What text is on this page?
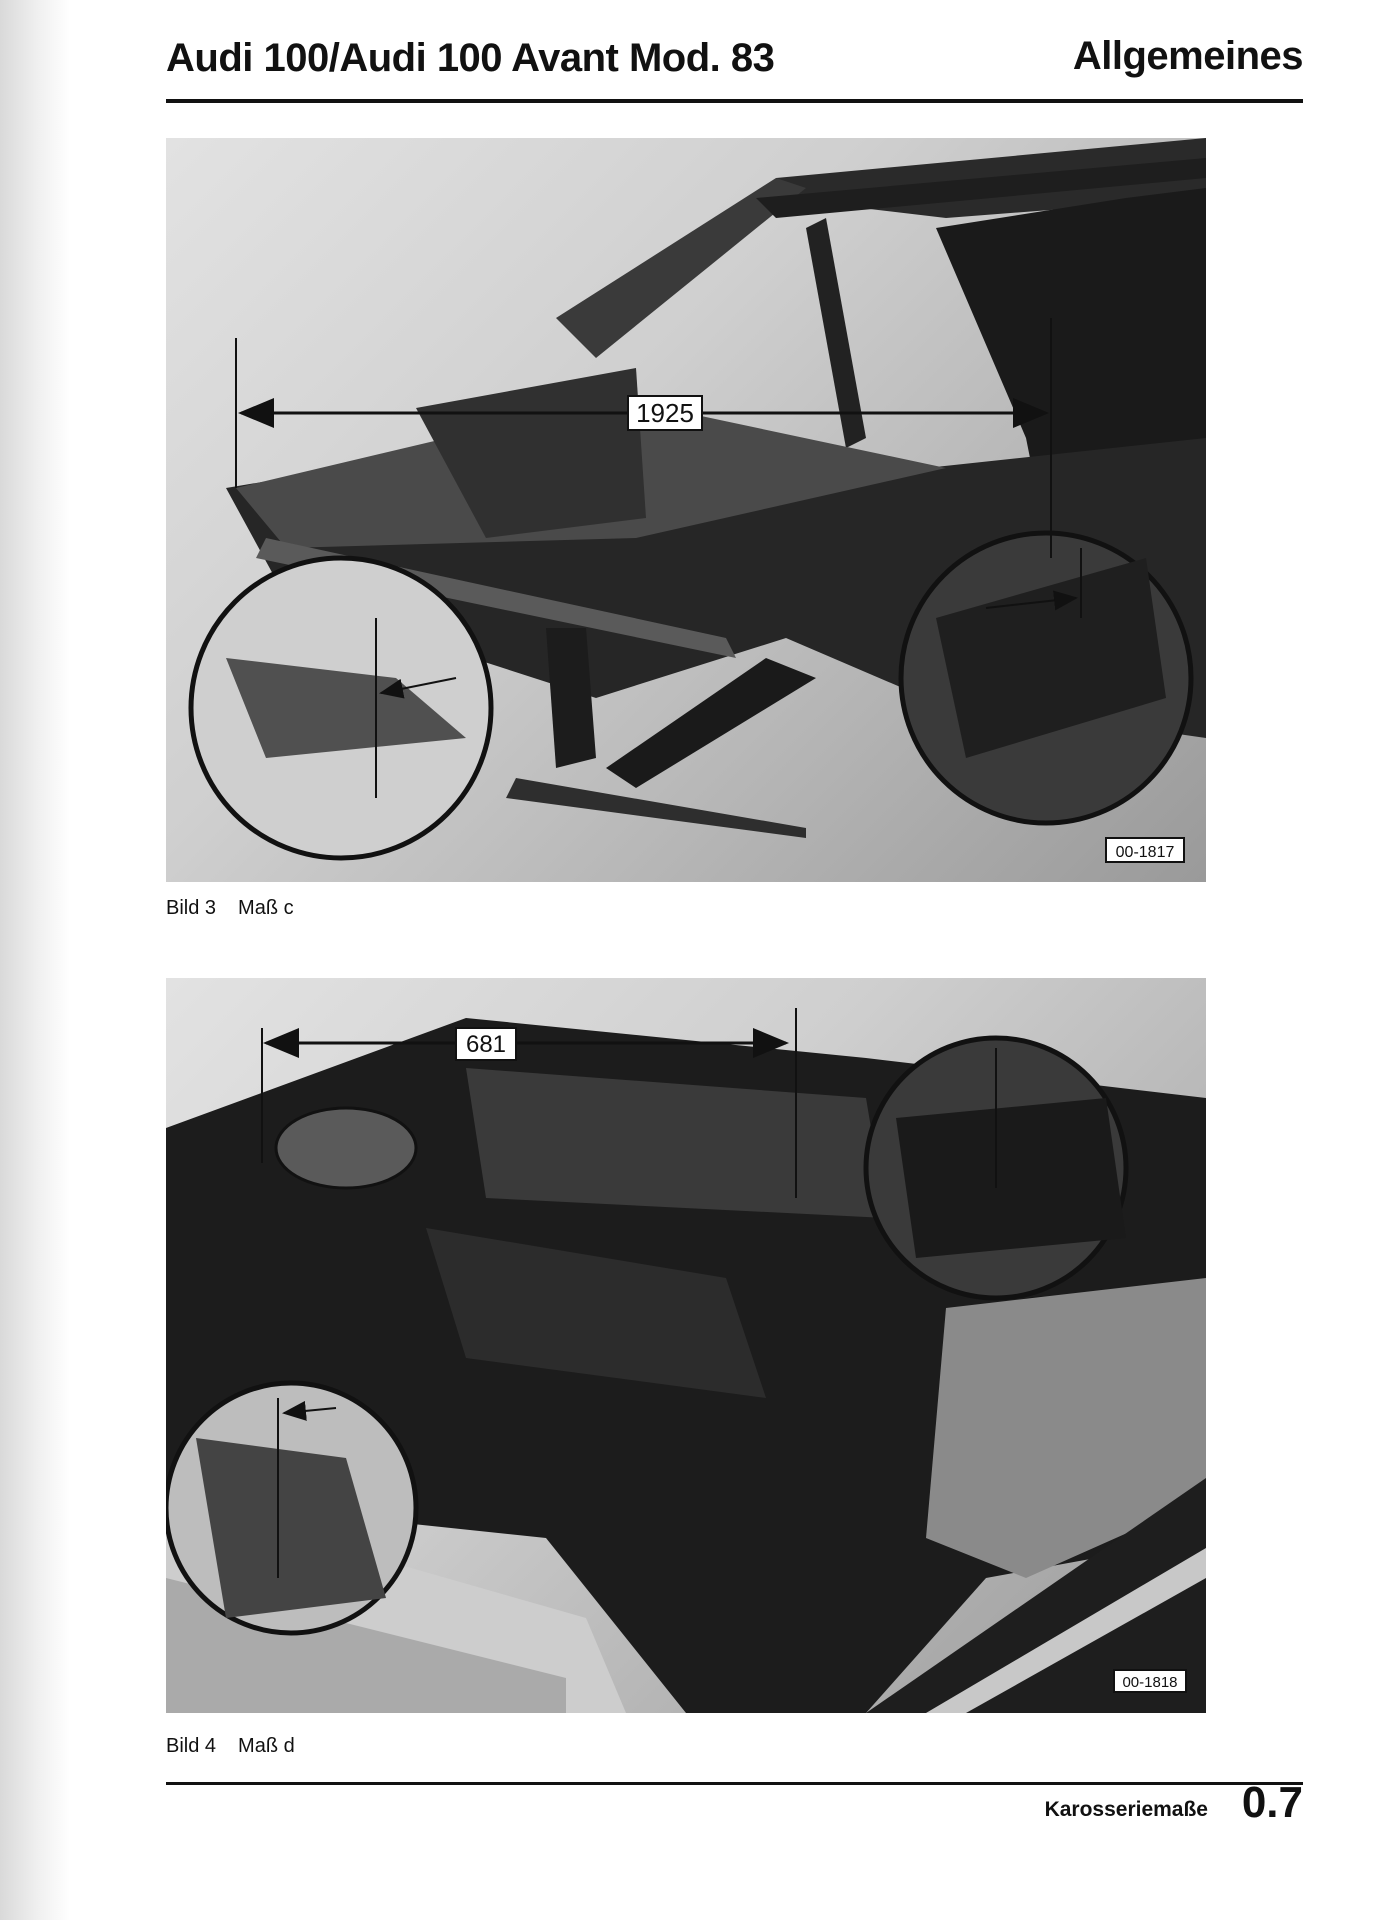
Audi 100/Audi 100 Avant Mod. 83	Allgemeines
1925
00-1817
Bild 3 Maß c
681
00-1818
Bild 4 Maß d
Karosseriemaße 0.7
